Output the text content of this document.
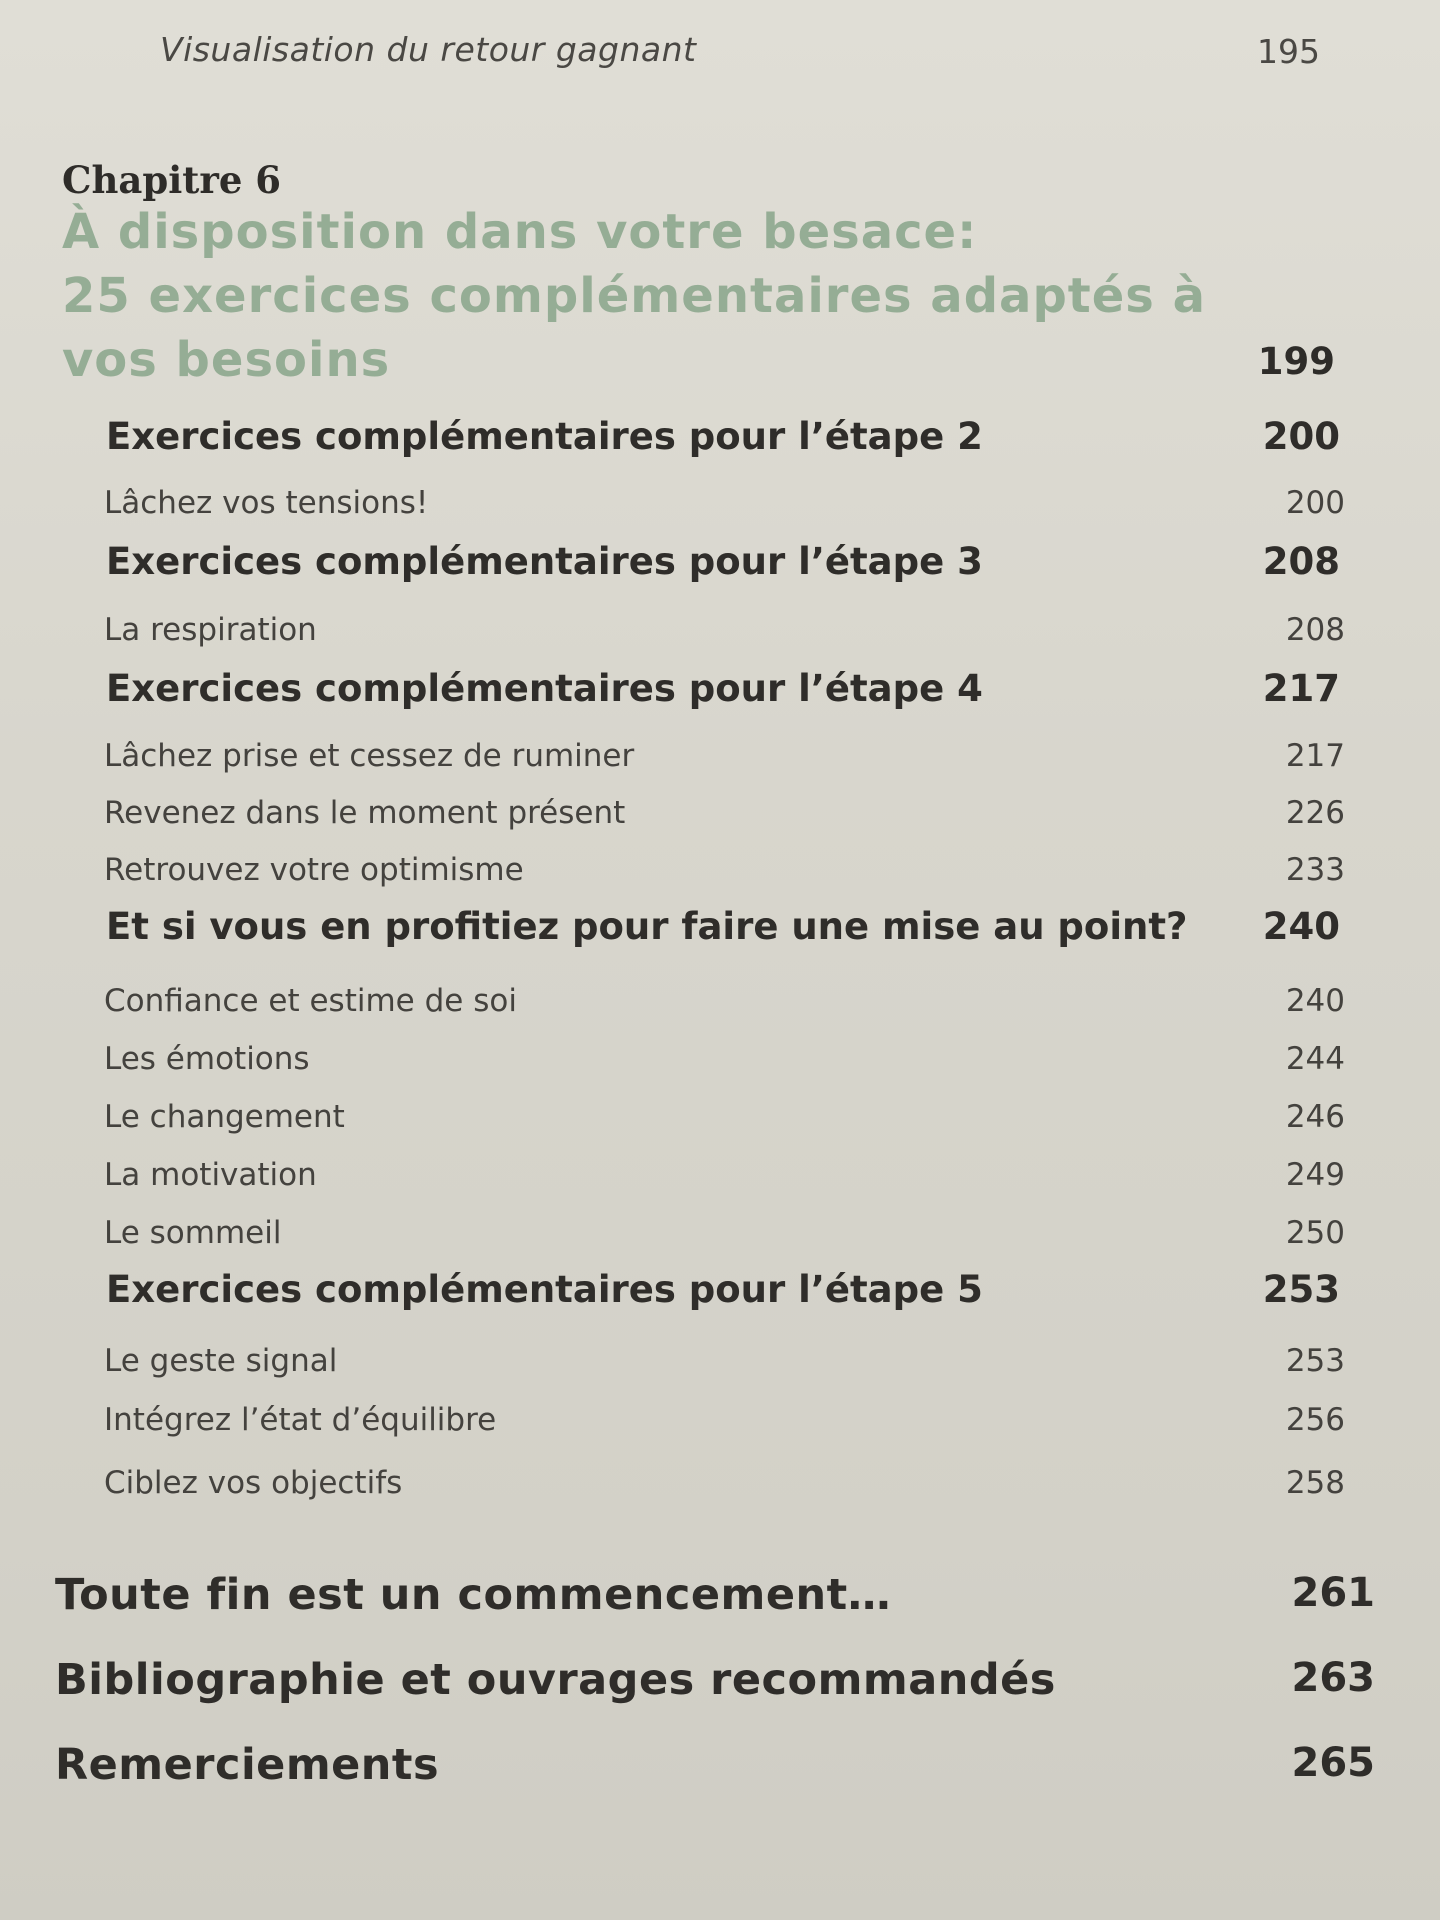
Visualisation du retour gagnant	195
Chapitre 6
À disposition dans votre besace:
25 exercices complémentaires adaptés à
vos besoins	199
Exercices complémentaires pour l’étape 2	200
Lâchez vos tensions!	200
Exercices complémentaires pour l’étape 3	208
La respiration	208
Exercices complémentaires pour l’étape 4	217
Lâchez prise et cessez de ruminer	217
Revenez dans le moment présent	226
Retrouvez votre optimisme	233
Et si vous en profitiez pour faire une mise au point? 240
Confiance et estime de soi	240
Les émotions	244
Le changement	246
La motivation	249
Le sommeil	250
Exercices complémentaires pour l’étape 5	253
Le geste signal	253
Intégrez l’état d’équilibre	256
Ciblez vos objectifs	258
Toute fin est un commencement…	261
Bibliographie et ouvrages recommandés	263
Remerciements	265
